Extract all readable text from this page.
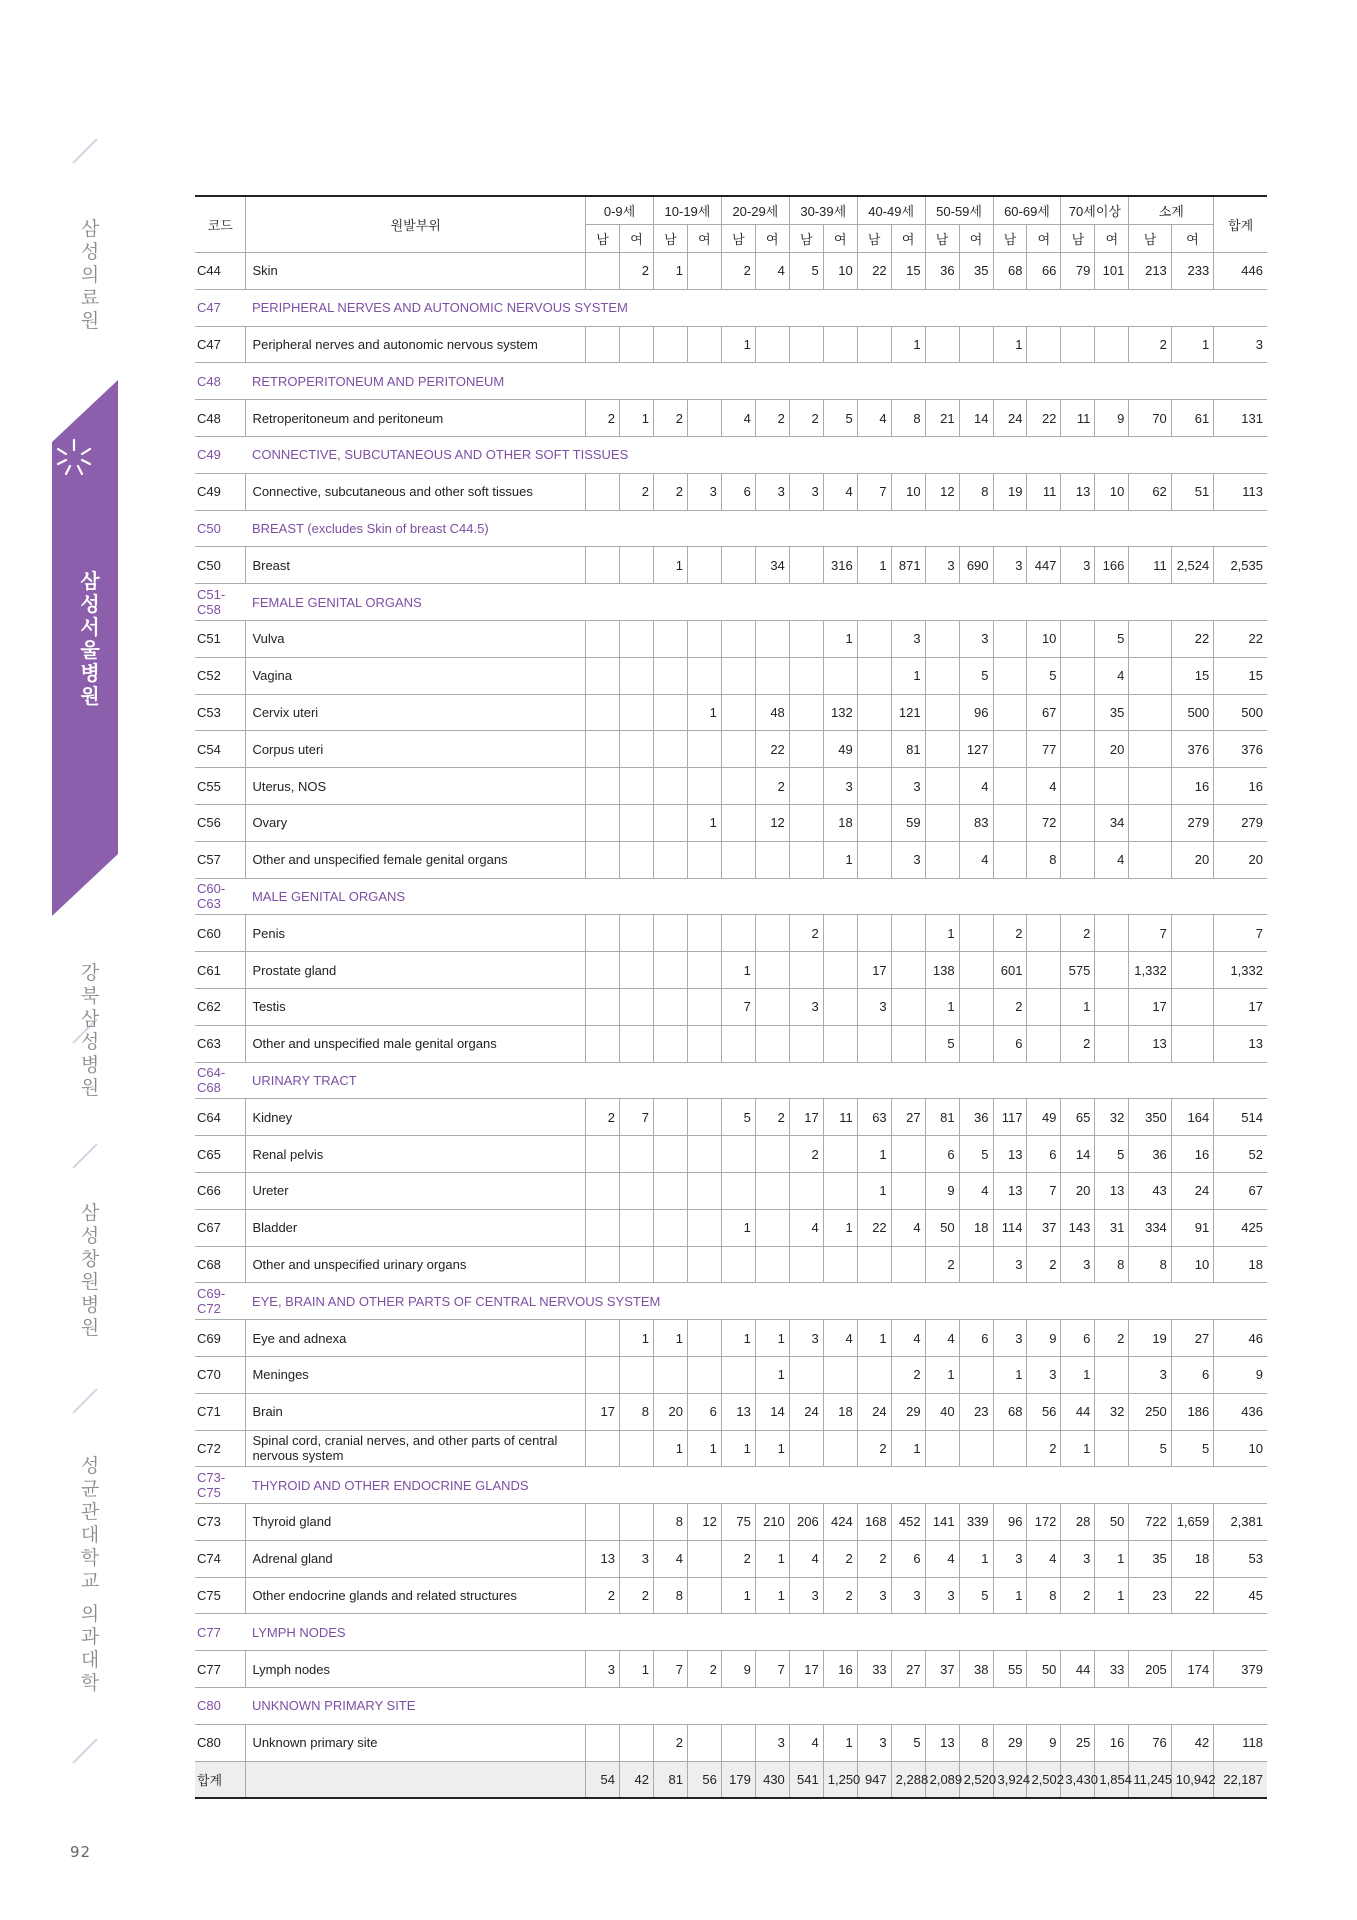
삼
성
의
료
원
삼
성
서
울
병
원
강
북
삼
성
병
원
삼
성
창
원
병
원
성
균
관
대
학
교

의
과
대
학
92
코드	원발부위	0-9세		10-19세		20-29세		30-39세		40-49세		50-59세		60-69세		70세이상		소계		합계
		남	여	남	여	남	여	남	여	남	여	남	여	남	여	남	여	남	여	
C44	Skin		2	1		2	4	5	10	22	15	36	35	68	66	79	101	213	233	446
C47	PERIPHERAL NERVES AND AUTONOMIC NERVOUS SYSTEM																			
C47	Peripheral nerves and autonomic nervous system					1					1			1				2	1	3
C48	RETROPERITONEUM AND PERITONEUM																			
C48	Retroperitoneum and peritoneum	2	1	2		4	2	2	5	4	8	21	14	24	22	11	9	70	61	131
C49	CONNECTIVE, SUBCUTANEOUS AND OTHER SOFT TISSUES																			
C49	Connective, subcutaneous and other soft tissues		2	2	3	6	3	3	4	7	10	12	8	19	11	13	10	62	51	113
C50	BREAST (excludes Skin of breast C44.5)																			
C50	Breast			1			34		316	1	871	3	690	3	447	3	166	11	2,524	2,535
C51-C58	FEMALE GENITAL ORGANS																			
C51	Vulva								1		3		3		10		5		22	22
C52	Vagina										1		5		5		4		15	15
C53	Cervix uteri				1		48		132		121		96		67		35		500	500
C54	Corpus uteri						22		49		81		127		77		20		376	376
C55	Uterus, NOS						2		3		3		4		4				16	16
C56	Ovary				1		12		18		59		83		72		34		279	279
C57	Other and unspecified female genital organs								1		3		4		8		4		20	20
C60-C63	MALE GENITAL ORGANS																			
C60	Penis							2				1		2		2		7		7
C61	Prostate gland					1				17		138		601		575		1,332		1,332
C62	Testis					7		3		3		1		2		1		17		17
C63	Other and unspecified male genital organs											5		6		2		13		13
C64-C68	URINARY TRACT																			
C64	Kidney	2	7			5	2	17	11	63	27	81	36	117	49	65	32	350	164	514
C65	Renal pelvis							2		1		6	5	13	6	14	5	36	16	52
C66	Ureter									1		9	4	13	7	20	13	43	24	67
C67	Bladder					1		4	1	22	4	50	18	114	37	143	31	334	91	425
C68	Other and unspecified urinary organs											2		3	2	3	8	8	10	18
C69-C72	EYE, BRAIN AND OTHER PARTS OF CENTRAL NERVOUS SYSTEM																			
C69	Eye and adnexa		1	1		1	1	3	4	1	4	4	6	3	9	6	2	19	27	46
C70	Meninges						1				2	1		1	3	1		3	6	9
C71	Brain	17	8	20	6	13	14	24	18	24	29	40	23	68	56	44	32	250	186	436
C72	Spinal cord, cranial nerves, and other parts of central nervous system			1	1	1	1			2	1				2	1		5	5	10
C73-C75	THYROID AND OTHER ENDOCRINE GLANDS																			
C73	Thyroid gland			8	12	75	210	206	424	168	452	141	339	96	172	28	50	722	1,659	2,381
C74	Adrenal gland	13	3	4		2	1	4	2	2	6	4	1	3	4	3	1	35	18	53
C75	Other endocrine glands and related structures	2	2	8		1	1	3	2	3	3	3	5	1	8	2	1	23	22	45
C77	LYMPH NODES																			
C77	Lymph nodes	3	1	7	2	9	7	17	16	33	27	37	38	55	50	44	33	205	174	379
C80	UNKNOWN PRIMARY SITE																			
C80	Unknown primary site			2			3	4	1	3	5	13	8	29	9	25	16	76	42	118
합계		54	42	81	56	179	430	541	1,250	947	2,288	2,089	2,520	3,924	2,502	3,430	1,854	11,245	10,942	22,187
